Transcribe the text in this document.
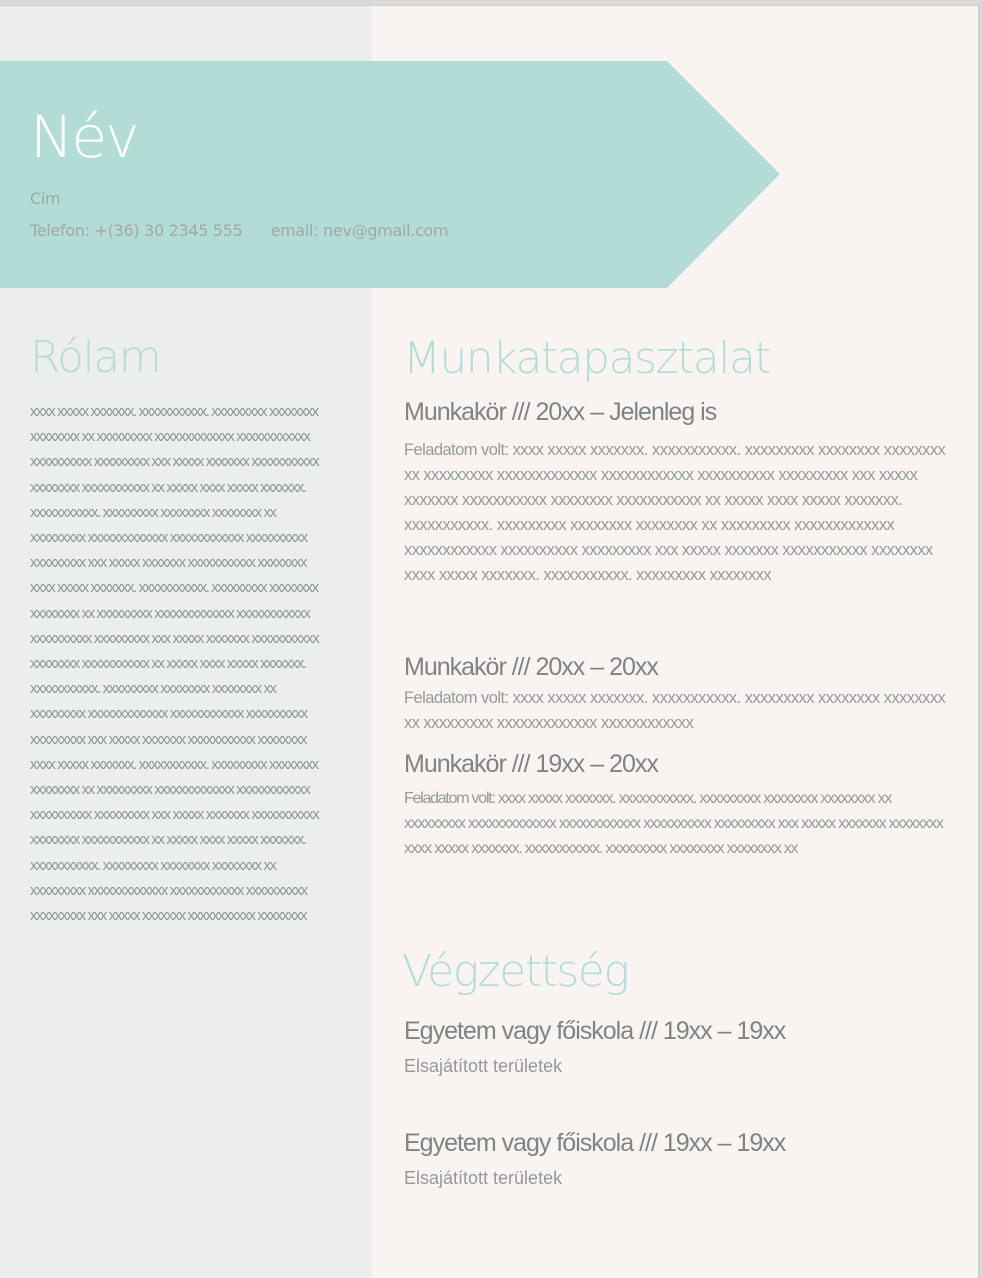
Név
Cím
Telefon: +(36) 30 2345 555 email: nev@gmail.com
Rólam

xxxx xxxxx xxxxxxx. xxxxxxxxxxx. xxxxxxxxx xxxxxxxx xxxxxxxx xx xxxxxxxxx xxxxxxxxxxxxx xxxxxxxxxxxx xxxxxxxxxx xxxxxxxxx xxx xxxxx xxxxxxx xxxxxxxxxxx xxxxxxxx xxxxxxxxxxx xx xxxxx xxxx xxxxx xxxxxxx. xxxxxxxxxxx. xxxxxxxxx xxxxxxxx xxxxxxxx xx xxxxxxxxx xxxxxxxxxxxxx xxxxxxxxxxxx xxxxxxxxxx xxxxxxxxx xxx xxxxx xxxxxxx xxxxxxxxxxx xxxxxxxx

xxxx xxxxx xxxxxxx. xxxxxxxxxxx. xxxxxxxxx xxxxxxxx xxxxxxxx xx xxxxxxxxx xxxxxxxxxxxxx xxxxxxxxxxxx xxxxxxxxxx xxxxxxxxx xxx xxxxx xxxxxxx xxxxxxxxxxx xxxxxxxx xxxxxxxxxxx xx xxxxx xxxx xxxxx xxxxxxx. xxxxxxxxxxx. xxxxxxxxx xxxxxxxx xxxxxxxx xx xxxxxxxxx xxxxxxxxxxxxx xxxxxxxxxxxx xxxxxxxxxx xxxxxxxxx xxx xxxxx xxxxxxx xxxxxxxxxxx xxxxxxxx

xxxx xxxxx xxxxxxx. xxxxxxxxxxx. xxxxxxxxx xxxxxxxx xxxxxxxx xx xxxxxxxxx xxxxxxxxxxxxx xxxxxxxxxxxx xxxxxxxxxx xxxxxxxxx xxx xxxxx xxxxxxx xxxxxxxxxxx xxxxxxxx xxxxxxxxxxx xx xxxxx xxxx xxxxx xxxxxxx. xxxxxxxxxxx. xxxxxxxxx xxxxxxxx xxxxxxxx xx xxxxxxxxx xxxxxxxxxxxxx xxxxxxxxxxxx xxxxxxxxxx xxxxxxxxx xxx xxxxx xxxxxxx xxxxxxxxxxx xxxxxxxx

Munkatapasztalat
Munkakör /// 20xx – Jelenleg is

Feladatom volt: xxxx xxxxx xxxxxxx. xxxxxxxxxxx. xxxxxxxxx xxxxxxxx xxxxxxxx xx xxxxxxxxx xxxxxxxxxxxxx xxxxxxxxxxxx xxxxxxxxxx xxxxxxxxx xxx xxxxx xxxxxxx xxxxxxxxxxx xxxxxxxx xxxxxxxxxxx xx xxxxx xxxx xxxxx xxxxxxx. xxxxxxxxxxx. xxxxxxxxx xxxxxxxx xxxxxxxx xx xxxxxxxxx xxxxxxxxxxxxx xxxxxxxxxxxx xxxxxxxxxx xxxxxxxxx xxx xxxxx xxxxxxx xxxxxxxxxxx xxxxxxxx

xxxx xxxxx xxxxxxx. xxxxxxxxxxx. xxxxxxxxx xxxxxxxx

Munkakör /// 20xx – 20xx

Feladatom volt: xxxx xxxxx xxxxxxx. xxxxxxxxxxx. xxxxxxxxx xxxxxxxx xxxxxxxx xx xxxxxxxxx xxxxxxxxxxxxx xxxxxxxxxxxx

Munkakör /// 19xx – 20xx

Feladatom volt: xxxx xxxxx xxxxxxx. xxxxxxxxxxx. xxxxxxxxx xxxxxxxx xxxxxxxx xx xxxxxxxxx xxxxxxxxxxxxx xxxxxxxxxxxx xxxxxxxxxx xxxxxxxxx xxx xxxxx xxxxxxx xxxxxxxx

xxxx xxxxx xxxxxxx. xxxxxxxxxxx. xxxxxxxxx xxxxxxxx xxxxxxxx xx

Végzettség
Egyetem vagy főiskola /// 19xx – 19xx
Elsajátított területek
Egyetem vagy főiskola /// 19xx – 19xx
Elsajátított területek
